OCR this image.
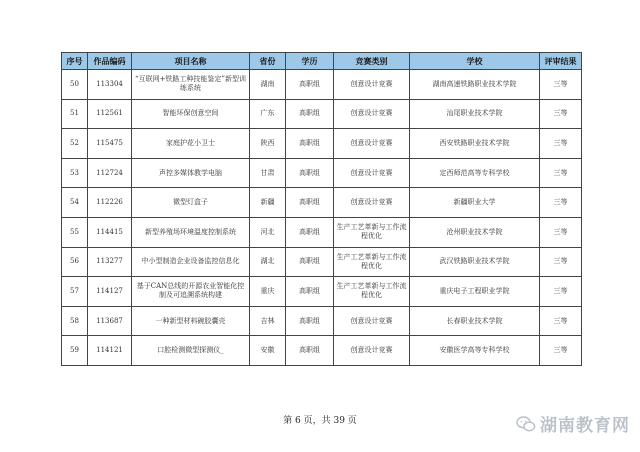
序号	作品编码	项目名称	省份	学历	竞赛类别	学校	评审结果
50	113304	“互联网+铁路工种技能鉴定”新型训练系统	湖南	高职组	创意设计竞赛	湖南高速铁路职业技术学院	三等
51	112561	智能环保创意空间	广东	高职组	创意设计竞赛	汕尾职业技术学院	三等
52	115475	家庭护花小卫士	陕西	高职组	创意设计竞赛	西安铁路职业技术学院	三等
53	112724	声控多媒体教学电脑	甘肃	高职组	创意设计竞赛	定西师范高等专科学校	三等
54	112226	微型灯盒子	新疆	高职组	创意设计竞赛	新疆职业大学	三等
55	114415	新型养殖场环境温度控制系统	河北	高职组	生产工艺革新与工作流程优化	沧州职业技术学院	三等
56	113277	中小型制造企业设备监控信息化	湖北	高职组	生产工艺革新与工作流程优化	武汉铁路职业技术学院	三等
57	114127	基于CAN总线的开源农业智能化控制及可追溯系统构建	重庆	高职组	生产工艺革新与工作流程优化	重庆电子工程职业学院	三等
58	113687	一种新型材料碗胶囊壳	吉林	高职组	创意设计竞赛	长春职业技术学院	三等
59	114121	口腔检测微型探测仪_	安徽	高职组	创意设计竞赛	安徽医学高等专科学校	三等
第 6 页，共 39 页	湖南教育网
